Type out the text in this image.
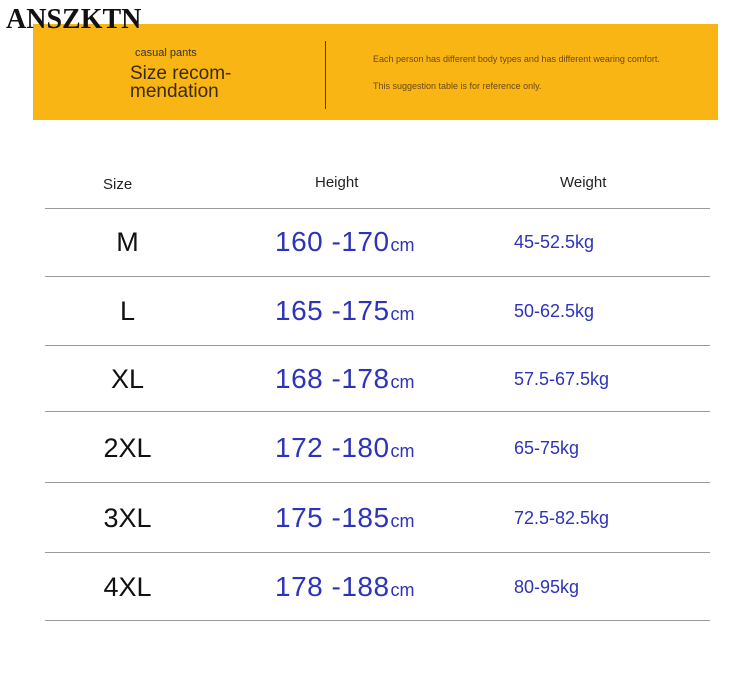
ANSZKTN
casual pants
Size recom-mendation
Each person has different body types and has different wearing comfort.
This suggestion table is for reference only.
Size	Height	Weight
M	160 -170 cm	45-52.5kg
L	165 -175 cm	50-62.5kg
XL	168 -178 cm	57.5-67.5kg
2XL	172 -180 cm	65-75kg
3XL	175 -185 cm	72.5-82.5kg
4XL	178 -188 cm	80-95kg
